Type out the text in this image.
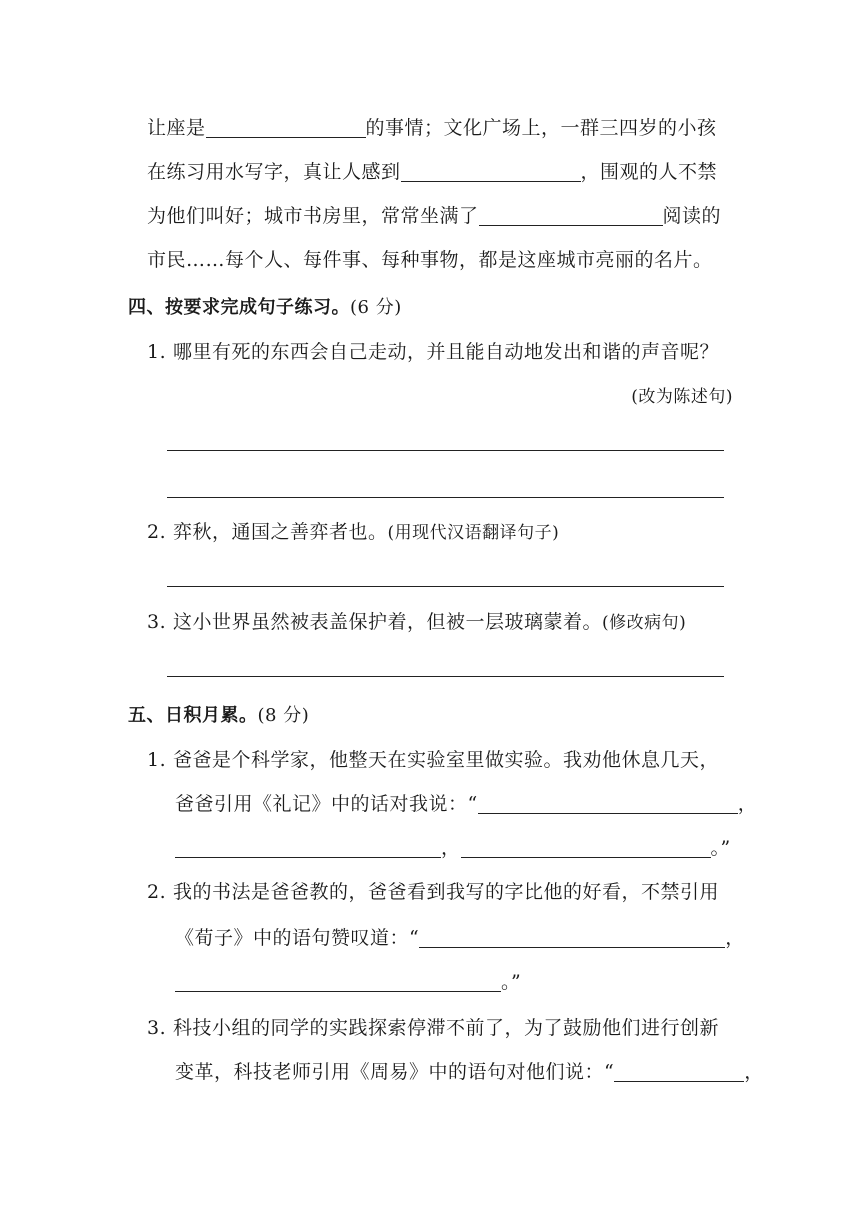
让座是	的事情；文化广场上，一群三四岁的小孩
在练习用水写字，真让人感到	，围观的人不禁
为他们叫好；城市书房里，常常坐满了	阅读的
市民……每个人、每件事、每种事物，都是这座城市亮丽的名片。
四、按要求完成句子练习。(6 分)
1. 哪里有死的东西会自己走动，并且能自动地发出和谐的声音呢？
(改为陈述句)
2. 弈秋，通国之善弈者也。(用现代汉语翻译句子)
3. 这小世界虽然被表盖保护着，但被一层玻璃蒙着。(修改病句)
五、日积月累。(8 分)
1. 爸爸是个科学家，他整天在实验室里做实验。我劝他休息几天，
爸爸引用《礼记》中的话对我说：“	，
，	。”
2. 我的书法是爸爸教的，爸爸看到我写的字比他的好看，不禁引用
《荀子》中的语句赞叹道：“	，
。”
3. 科技小组的同学的实践探索停滞不前了，为了鼓励他们进行创新
变革，科技老师引用《周易》中的语句对他们说：“	，
